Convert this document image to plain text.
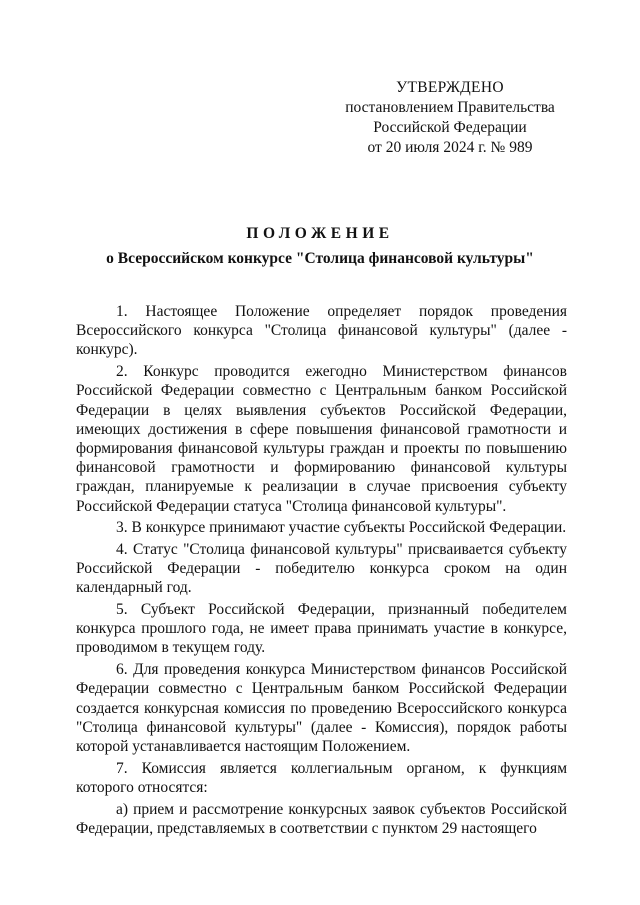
УТВЕРЖДЕНО
постановлением Правительства
Российской Федерации
от 20 июля 2024 г. № 989
ПОЛОЖЕНИЕ
о Всероссийском конкурсе "Столица финансовой культуры"

1. Настоящее Положение определяет порядок проведения Всероссийского конкурса "Столица финансовой культуры" (далее - конкурс).

2. Конкурс проводится ежегодно Министерством финансов Российской Федерации совместно с Центральным банком Российской Федерации в целях выявления субъектов Российской Федерации, имеющих достижения в сфере повышения финансовой грамотности и формирования финансовой культуры граждан и проекты по повышению финансовой грамотности и формированию финансовой культуры граждан, планируемые к реализации в случае присвоения субъекту Российской Федерации статуса "Столица финансовой культуры".

3. В конкурсе принимают участие субъекты Российской Федерации.

4. Статус "Столица финансовой культуры" присваивается субъекту Российской Федерации - победителю конкурса сроком на один календарный год.

5. Субъект Российской Федерации, признанный победителем конкурса прошлого года, не имеет права принимать участие в конкурсе, проводимом в текущем году.

6. Для проведения конкурса Министерством финансов Российской Федерации совместно с Центральным банком Российской Федерации создается конкурсная комиссия по проведению Всероссийского конкурса "Столица финансовой культуры" (далее - Комиссия), порядок работы которой устанавливается настоящим Положением.

7. Комиссия является коллегиальным органом, к функциям которого относятся:

а) прием и рассмотрение конкурсных заявок субъектов Российской Федерации, представляемых в соответствии с пунктом 29 настоящего
